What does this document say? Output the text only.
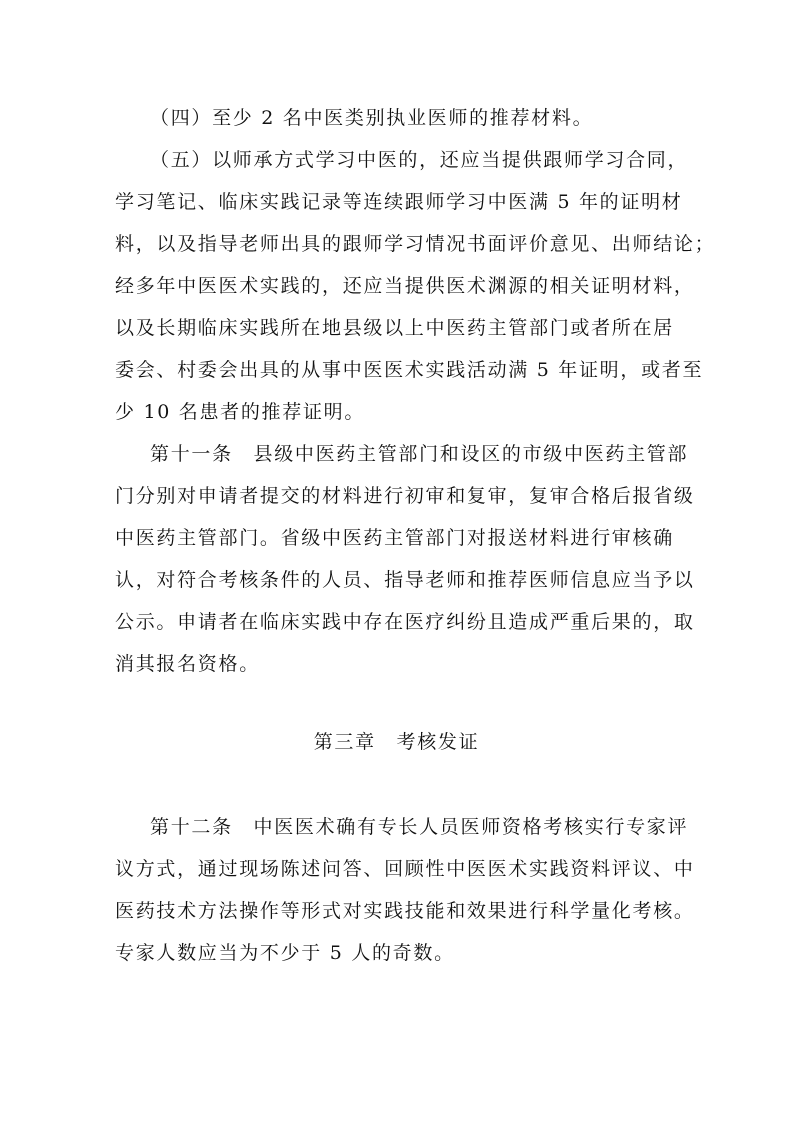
（四）至少 2 名中医类别执业医师的推荐材料。
（五）以师承方式学习中医的，还应当提供跟师学习合同，
学习笔记、临床实践记录等连续跟师学习中医满 5 年的证明材
料，以及指导老师出具的跟师学习情况书面评价意见、出师结论；
经多年中医医术实践的，还应当提供医术渊源的相关证明材料，
以及长期临床实践所在地县级以上中医药主管部门或者所在居
委会、村委会出具的从事中医医术实践活动满 5 年证明，或者至
少 10 名患者的推荐证明。
第十一条　县级中医药主管部门和设区的市级中医药主管部
门分别对申请者提交的材料进行初审和复审，复审合格后报省级
中医药主管部门。省级中医药主管部门对报送材料进行审核确
认，对符合考核条件的人员、指导老师和推荐医师信息应当予以
公示。申请者在临床实践中存在医疗纠纷且造成严重后果的，取
消其报名资格。
第三章　考核发证
第十二条　中医医术确有专长人员医师资格考核实行专家评
议方式，通过现场陈述问答、回顾性中医医术实践资料评议、中
医药技术方法操作等形式对实践技能和效果进行科学量化考核。
专家人数应当为不少于 5 人的奇数。
